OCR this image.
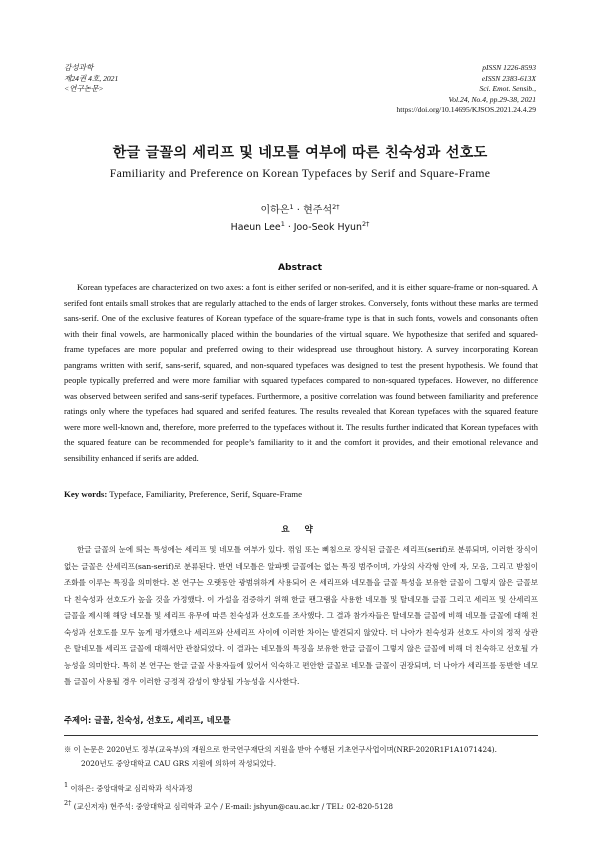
감성과학
제24권 4호, 2021
<연구논문>
pISSN 1226-8593
eISSN 2383-613X
Sci. Emot. Sensib.,
Vol.24, No.4, pp.29-38, 2021
https://doi.org/10.14695/KJSOS.2021.24.4.29
한글 글꼴의 세리프 및 네모틀 여부에 따른 친숙성과 선호도
Familiarity and Preference on Korean Typefaces by Serif and Square-Frame
이하은$^1$ · 현주석$^{2\dagger}$
Haeun Lee$^1$ · Joo-Seok Hyun$^{2\dagger}$
Abstract
Korean typefaces are characterized on two axes: a font is either serifed or non-serifed, and it is either square-frame or non-squared. A serifed font entails small strokes that are regularly attached to the ends of larger strokes. Conversely, fonts without these marks are termed sans-serif. One of the exclusive features of Korean typeface of the square-frame type is that in such fonts, vowels and consonants often with their final vowels, are harmonically placed within the boundaries of the virtual square. We hypothesize that serifed and squared-frame typefaces are more popular and preferred owing to their widespread use throughout history. A survey incorporating Korean pangrams written with serif, sans-serif, squared, and non-squared typefaces was designed to test the present hypothesis. We found that people typically preferred and were more familiar with squared typefaces compared to non-squared typefaces. However, no difference was observed between serifed and sans-serif typefaces. Furthermore, a positive correlation was found between familiarity and preference ratings only where the typefaces had squared and serifed features. The results revealed that Korean typefaces with the squared feature were more well-known and, therefore, more preferred to the typefaces without it. The results further indicated that Korean typefaces with the squared feature can be recommended for people’s familiarity to it and the comfort it provides, and their emotional relevance and sensibility enhanced if serifs are added.
Key words: Typeface, Familiarity, Preference, Serif, Square-Frame
요 약
한글 글꼴의 눈에 띄는 특성에는 세리프 및 네모틀 여부가 있다. 꺾임 또는 삐침으로 장식된 글꼴은 세리프(serif)로 분류되며, 이러한 장식이 없는 글꼴은 산세리프(san-serif)로 분류된다. 반면 네모틀은 알파벳 글꼴에는 없는 특징 범주이며, 가상의 사각형 안에 자, 모음, 그리고 받침이 조화를 이루는 특징을 의미한다. 본 연구는 오랫동안 광범위하게 사용되어 온 세리프와 네모틀을 글꼴 특성을 보유한 글꼴이 그렇지 않은 글꼴보다 친숙성과 선호도가 높을 것을 가정했다. 이 가설을 검증하기 위해 한글 팬그램을 사용한 네모틀 및 탈네모틀 글꼴 그리고 세리프 및 산세리프 글꼴을 제시해 해당 네모틀 및 세리프 유무에 따른 친숙성과 선호도를 조사했다. 그 결과 참가자들은 탈네모틀 글꼴에 비해 네모틀 글꼴에 대해 친숙성과 선호도를 모두 높게 평가했으나 세리프와 산세리프 사이에 이러한 차이는 발견되지 않았다. 더 나아가 친숙성과 선호도 사이의 정적 상관은 탈네모틀 세리프 글꼴에 대해서만 관찰되었다. 이 결과는 네모틀의 특징을 보유한 한글 글꼴이 그렇지 않은 글꼴에 비해 더 친숙하고 선호될 가능성을 의미한다. 특히 본 연구는 한글 글꼴 사용자들에 있어서 익숙하고 편안한 글꼴로 네모틀 글꼴이 권장되며, 더 나아가 세리프를 동반한 네모틀 글꼴이 사용될 경우 이러한 긍정적 감성이 향상될 가능성을 시사한다.
주제어: 글꼴, 친숙성, 선호도, 세리프, 네모틀
※ 이 논문은 2020년도 정부(교육부)의 재원으로 한국연구재단의 지원을 받아 수행된 기초연구사업이며(NRF-2020R1F1A1071424).
2020년도 중앙대학교 CAU GRS 지원에 의하여 작성되었다.
$^1$ 이하은: 중앙대학교 심리학과 석사과정
$^{2\dagger}$ (교신저자) 현주석: 중앙대학교 심리학과 교수 / E-mail: jshyun@cau.ac.kr / TEL: 02-820-5128
